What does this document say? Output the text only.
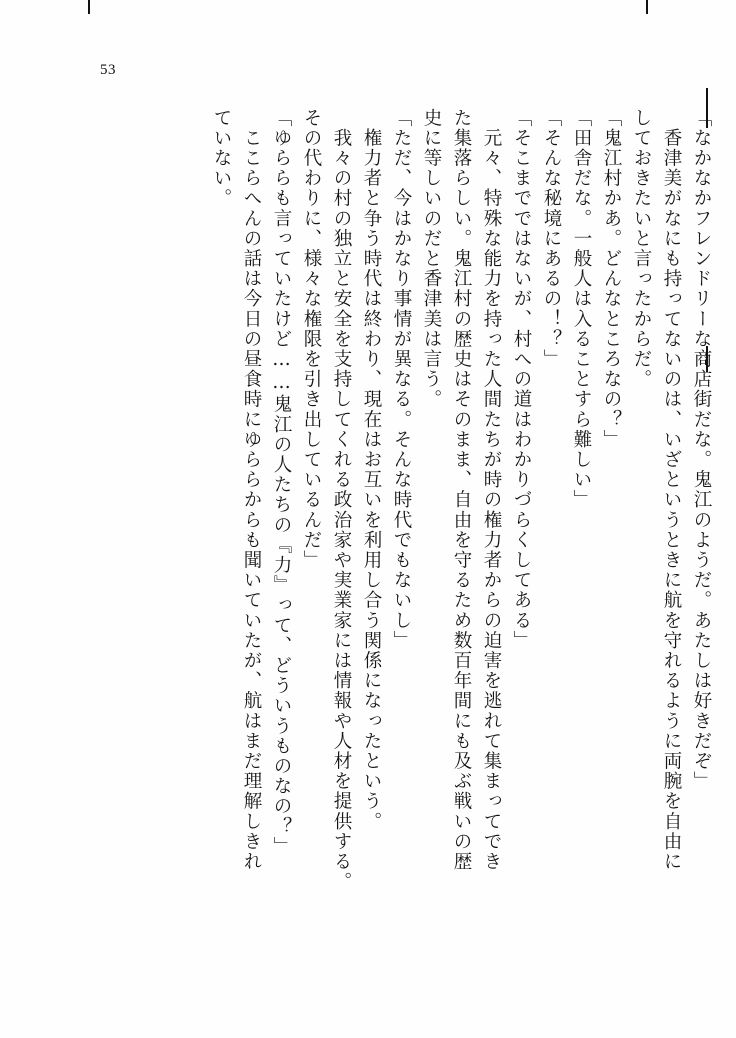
53
「なかなかフレンドリーな商店街だな。鬼江のようだ。あたしは好きだぞ」
　香津美がなにも持ってないのは、いざというときに航を守れるように両腕を自由に
しておきたいと言ったからだ。
「鬼江村かあ。どんなところなの？」
「田舎だな。一般人は入ることすら難しい」
「そんな秘境にあるの！？」
「そこまでではないが、村への道はわかりづらくしてある」
　元々、特殊な能力を持った人間たちが時の権力者からの迫害を逃れて集まってでき
た集落らしい。鬼江村の歴史はそのまま、自由を守るため数百年間にも及ぶ戦いの歴
史に等しいのだと香津美は言う。
「ただ、今はかなり事情が異なる。そんな時代でもないし」
　権力者と争う時代は終わり、現在はお互いを利用し合う関係になったという。
　我々の村の独立と安全を支持してくれる政治家や実業家には情報や人材を提供する。
その代わりに、様々な権限を引き出しているんだ」
「ゆららも言っていたけど……鬼江の人たちの『力』って、どういうものなの？」
　ここらへんの話は今日の昼食時にゆららからも聞いていたが、航はまだ理解しきれ
ていない。
